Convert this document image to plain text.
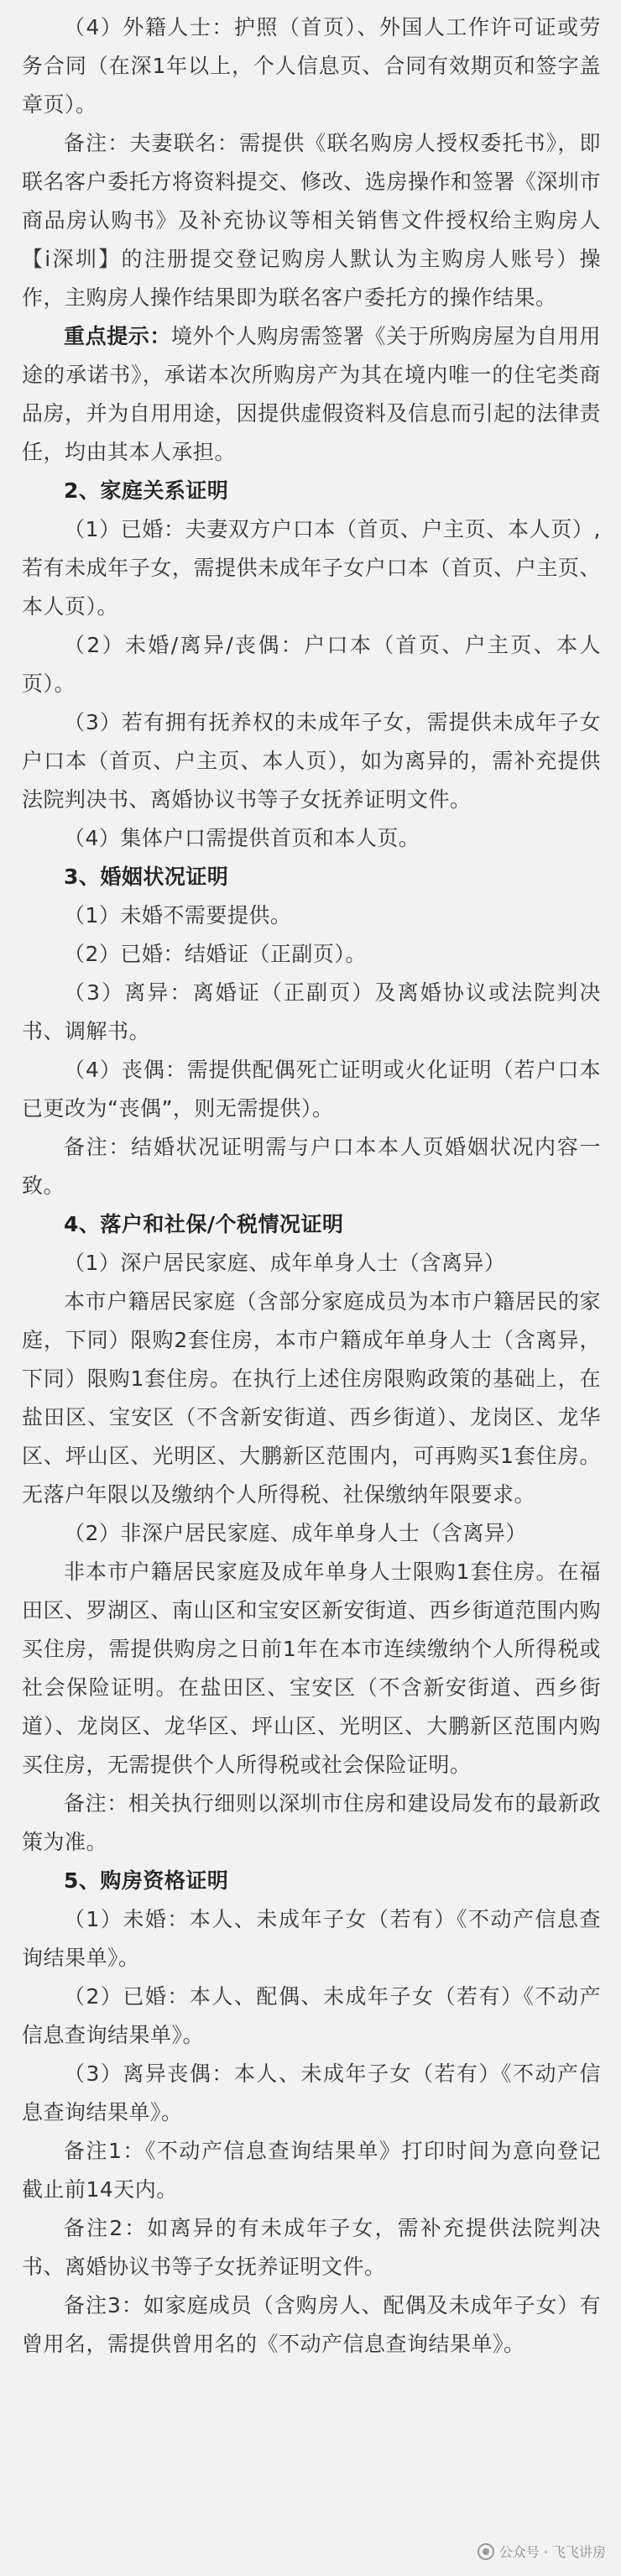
（4）外籍人士：护照（首页）、外国人工作许可证或劳务合同（在深1年以上，个人信息页、合同有效期页和签字盖章页）。

备注：夫妻联名：需提供《联名购房人授权委托书》，即联名客户委托方将资料提交、修改、选房操作和签署《深圳市商品房认购书》及补充协议等相关销售文件授权给主购房人【i深圳】的注册提交登记购房人默认为主购房人账号）操作，主购房人操作结果即为联名客户委托方的操作结果。

重点提示：境外个人购房需签署《关于所购房屋为自用用途的承诺书》，承诺本次所购房产为其在境内唯一的住宅类商品房，并为自用用途，因提供虚假资料及信息而引起的法律责任，均由其本人承担。

2、家庭关系证明

（1）已婚：夫妻双方户口本（首页、户主页、本人页）,若有未成年子女，需提供未成年子女户口本（首页、户主页、本人页）。

（2）未婚/离异/丧偶：户口本（首页、户主页、本人页）。

（3）若有拥有抚养权的未成年子女，需提供未成年子女户口本（首页、户主页、本人页），如为离异的，需补充提供法院判决书、离婚协议书等子女抚养证明文件。

（4）集体户口需提供首页和本人页。

3、婚姻状况证明

（1）未婚不需要提供。

（2）已婚：结婚证（正副页）。

（3）离异：离婚证（正副页）及离婚协议或法院判决书、调解书。

（4）丧偶：需提供配偶死亡证明或火化证明（若户口本已更改为“丧偶”，则无需提供）。

备注：结婚状况证明需与户口本本人页婚姻状况内容一致。

4、落户和社保/个税情况证明

（1）深户居民家庭、成年单身人士（含离异）

本市户籍居民家庭（含部分家庭成员为本市户籍居民的家庭，下同）限购2套住房，本市户籍成年单身人士（含离异，下同）限购1套住房。在执行上述住房限购政策的基础上，在盐田区、宝安区（不含新安街道、西乡街道）、龙岗区、龙华区、坪山区、光明区、大鹏新区范围内，可再购买1套住房。无落户年限以及缴纳个人所得税、社保缴纳年限要求。

（2）非深户居民家庭、成年单身人士（含离异）

非本市户籍居民家庭及成年单身人士限购1套住房。在福田区、罗湖区、南山区和宝安区新安街道、西乡街道范围内购买住房，需提供购房之日前1年在本市连续缴纳个人所得税或社会保险证明。在盐田区、宝安区（不含新安街道、西乡街道）、龙岗区、龙华区、坪山区、光明区、大鹏新区范围内购买住房，无需提供个人所得税或社会保险证明。

备注：相关执行细则以深圳市住房和建设局发布的最新政策为准。

5、购房资格证明

（1）未婚：本人、未成年子女（若有）《不动产信息查询结果单》。

（2）已婚：本人、配偶、未成年子女（若有）《不动产信息查询结果单》。

（3）离异丧偶：本人、未成年子女（若有）《不动产信息查询结果单》。

备注1：《不动产信息查询结果单》打印时间为意向登记截止前14天内。

备注2：如离异的有未成年子女，需补充提供法院判决书、离婚协议书等子女抚养证明文件。

备注3：如家庭成员（含购房人、配偶及未成年子女）有曾用名，需提供曾用名的《不动产信息查询结果单》。

公众号 · 飞飞讲房
